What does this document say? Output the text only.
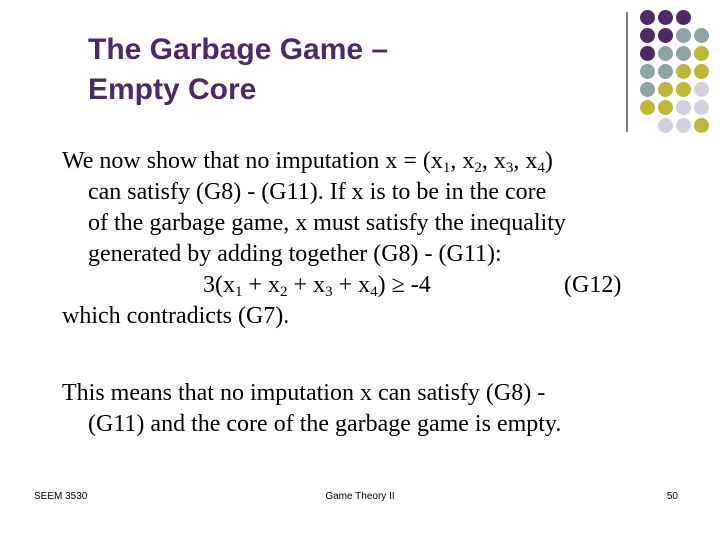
The Garbage Game –
Empty Core

We now show that no imputation $x = (x_1$, $x_2$, $x_3$, $x_4$)
can satisfy (G8) - (G11). If x is to be in the core
of the garbage game, x must satisfy the inequality
generated by adding together (G8) - (G11):
$3(x_1 + x_2 + x_3 + x_4) \ge -4$	(G12)
which contradicts (G7).

This means that no imputation x can satisfy (G8) -
(G11) and the core of the garbage game is empty.

SEEM 3530	Game Theory II	50
